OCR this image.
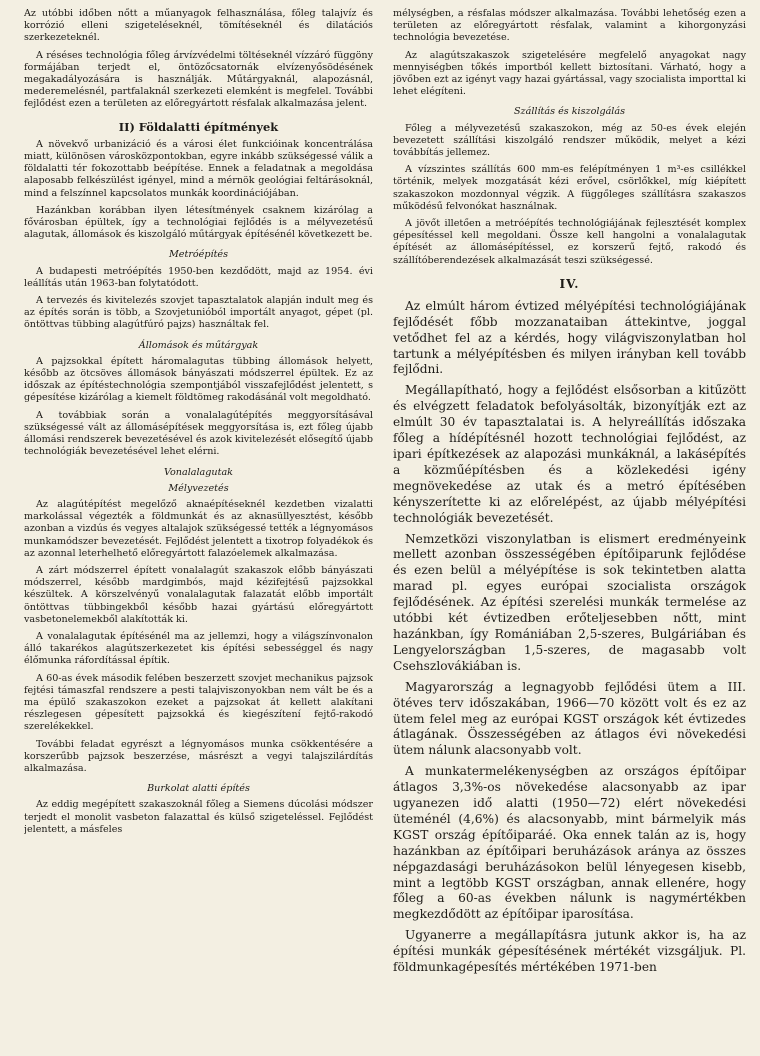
Az utóbbi időben nőtt a műanyagok felhasználása, főleg talajvíz és korrózió elleni szigeteléseknél, tömítéseknél és dilatációs szerkezeteknél.

A réséses technológia főleg árvízvédelmi töltéseknél vízzáró függöny formájában terjedt el, öntözőcsatornák elvízenyősödésének megakadályozására is használják. Műtárgyaknál, alapozásnál, mederemelésnél, partfalaknál szerkezeti elemként is megfelel. További fejlődést ezen a területen az előregyártott résfalak alkalmazása jelent.

II) Földalatti építmények

A növekvő urbanizáció és a városi élet funkcióinak koncentrálása miatt, különösen városközpontokban, egyre inkább szükségessé válik a földalatti tér fokozottabb beépítése. Ennek a feladatnak a megoldása alaposabb felkészülést igényel, mind a mérnök geológiai feltárásoknál, mind a felszínnel kapcsolatos munkák koordinációjában.

Hazánkban korábban ilyen létesítmények csaknem kizárólag a fővárosban épültek, így a technológiai fejlődés is a mélyvezetésű alagutak, állomások és kiszolgáló műtárgyak építésénél következett be.

Metróépítés

A budapesti metróépítés 1950-ben kezdődött, majd az 1954. évi leállítás után 1963-ban folytatódott.

A tervezés és kivitelezés szovjet tapasztalatok alapján indult meg és az építés során is több, a Szovjetunióból importált anyagot, gépet (pl. öntöttvas tübbing alagútfúró pajzs) használtak fel.

Állomások és műtárgyak

A pajzsokkal épített háromalagutas tübbing állomások helyett, később az ötcsöves állomások bányászati módszerrel épültek. Ez az időszak az építéstechnológia szempontjából visszafejlődést jelentett, s gépesítése kizárólag a kiemelt földtömeg rakodásánál volt megoldható.

A továbbiak során a vonalalagútépítés meggyorsításával szükségessé vált az állomásépítések meggyorsítása is, ezt főleg újabb állomási rendszerek bevezetésével és azok kivitelezését elősegítő újabb technológiák bevezetésével lehet elérni.

Vonalalagutak
Mélyvezetés

Az alagútépítést megelőző aknaépítéseknél kezdetben vizalatti markolással végezték a földmunkát és az aknasüllyesztést, később azonban a vizdús és vegyes altalajok szükségessé tették a légnyomásos munkamódszer bevezetését. Fejlődést jelentett a tixotrop folyadékok és az azonnal leterhelhető előregyártott falazóelemek alkalmazása.

A zárt módszerrel épített vonalalagút szakaszok előbb bányászati módszerrel, később mardgimbós, majd kézifejtésű pajzsokkal készültek. A körszelvényű vonalalagutak falazatát előbb importált öntöttvas tübbingekből később hazai gyártású előregyártott vasbetonelemekből alakították ki.

A vonalalagutak építésénél ma az jellemzi, hogy a világszínvonalon álló takarékos alagútszerkezetet kis építési sebességgel és nagy élőmunka ráfordítással építik.

A 60-as évek második felében beszerzett szovjet mechanikus pajzsok fejtési támaszfal rendszere a pesti talajviszonyokban nem vált be és a ma épülő szakaszokon ezeket a pajzsokat át kellett alakítani részlegesen gépesített pajzsokká és kiegészítení fejtő-rakodó szerelékekkel.

További feladat egyrészt a légnyomásos munka csökkentésére a korszerűbb pajzsok beszerzése, másrészt a vegyi talajszilárdítás alkalmazása.

Burkolat alatti építés

Az eddig megépített szakaszoknál főleg a Siemens dúcolási módszer terjedt el monolit vasbeton falazattal és külső szigeteléssel. Fejlődést jelentett, a másfeles

mélységben, a résfalas módszer alkalmazása. További lehetőség ezen a területen az előregyártott résfalak, valamint a kihorgonyzási technológia bevezetése.

Az alagútszakaszok szigetelésére megfelelő anyagokat nagy mennyiségben tőkés importból kellett biztosítani. Várható, hogy a jövőben ezt az igényt vagy hazai gyártással, vagy szocialista importtal ki lehet elégíteni.

Szállítás és kiszolgálás

Főleg a mélyvezetésű szakaszokon, még az 50-es évek elején bevezetett szállítási kiszolgáló rendszer működik, melyet a kézi továbbítás jellemez.

A vízszintes szállítás 600 mm-es felépítményen 1 m³-es csillékkel történik, melyek mozgatását kézi erővel, csörlőkkel, míg kiépített szakaszokon mozdonnyal végzik. A függőleges szállításra szakaszos működésű felvonókat használnak.

A jövőt illetően a metróépítés technológiájának fejlesztését komplex gépesítéssel kell megoldani. Össze kell hangolni a vonalalagutak építését az állomásépítéssel, ez korszerű fejtő, rakodó és szállítóberendezések alkalmazását teszi szükségessé.

IV.

Az elmúlt három évtized mélyépítési technológiájának fejlődését főbb mozzanataiban áttekintve, joggal vetődhet fel az a kérdés, hogy világviszonylatban hol tartunk a mélyépítésben és milyen irányban kell tovább fejlődni.

Megállapítható, hogy a fejlődést elsősorban a kitűzött és elvégzett feladatok befolyásolták, bizonyítják ezt az elmúlt 30 év tapasztalatai is. A helyreállítás időszaka főleg a hídépítésnél hozott technológiai fejlődést, az ipari építkezések az alapozási munkáknál, a lakásépítés a közműépítésben és a közlekedési igény megnövekedése az utak és a metró építésében kényszerítette ki az előrelépést, az újabb mélyépítési technológiák bevezetését.

Nemzetközi viszonylatban is elismert eredményeink mellett azonban összességében építőiparunk fejlődése és ezen belül a mélyépítése is sok tekintetben alatta marad pl. egyes európai szocialista országok fejlődésének. Az építési szerelési munkák termelése az utóbbi két évtizedben erőteljesebben nőtt, mint hazánkban, így Romániában 2,5-szeres, Bulgáriában és Lengyelországban 1,5-szeres, de magasabb volt Csehszlovákiában is.

Magyarország a legnagyobb fejlődési ütem a III. ötéves terv időszakában, 1966—70 között volt és ez az ütem felel meg az európai KGST országok két évtizedes átlagának. Összességében az átlagos évi növekedési ütem nálunk alacsonyabb volt.

A munkatermelékenységben az országos építőipar átlagos 3,3%-os növekedése alacsonyabb az ipar ugyanezen idő alatti (1950—72) elért növekedési üteménél (4,6%) és alacsonyabb, mint bármelyik más KGST ország építőiparáé. Oka ennek talán az is, hogy hazánkban az építőipari beruházások aránya az összes népgazdasági beruházásokon belül lényegesen kisebb, mint a legtöbb KGST országban, annak ellenére, hogy főleg a 60-as években nálunk is nagymértékben megkezdődött az építőipar iparosítása.

Ugyanerre a megállapításra jutunk akkor is, ha az építési munkák gépesítésének mértékét vizsgáljuk. Pl. földmunkagépesítés mértékében 1971-ben
